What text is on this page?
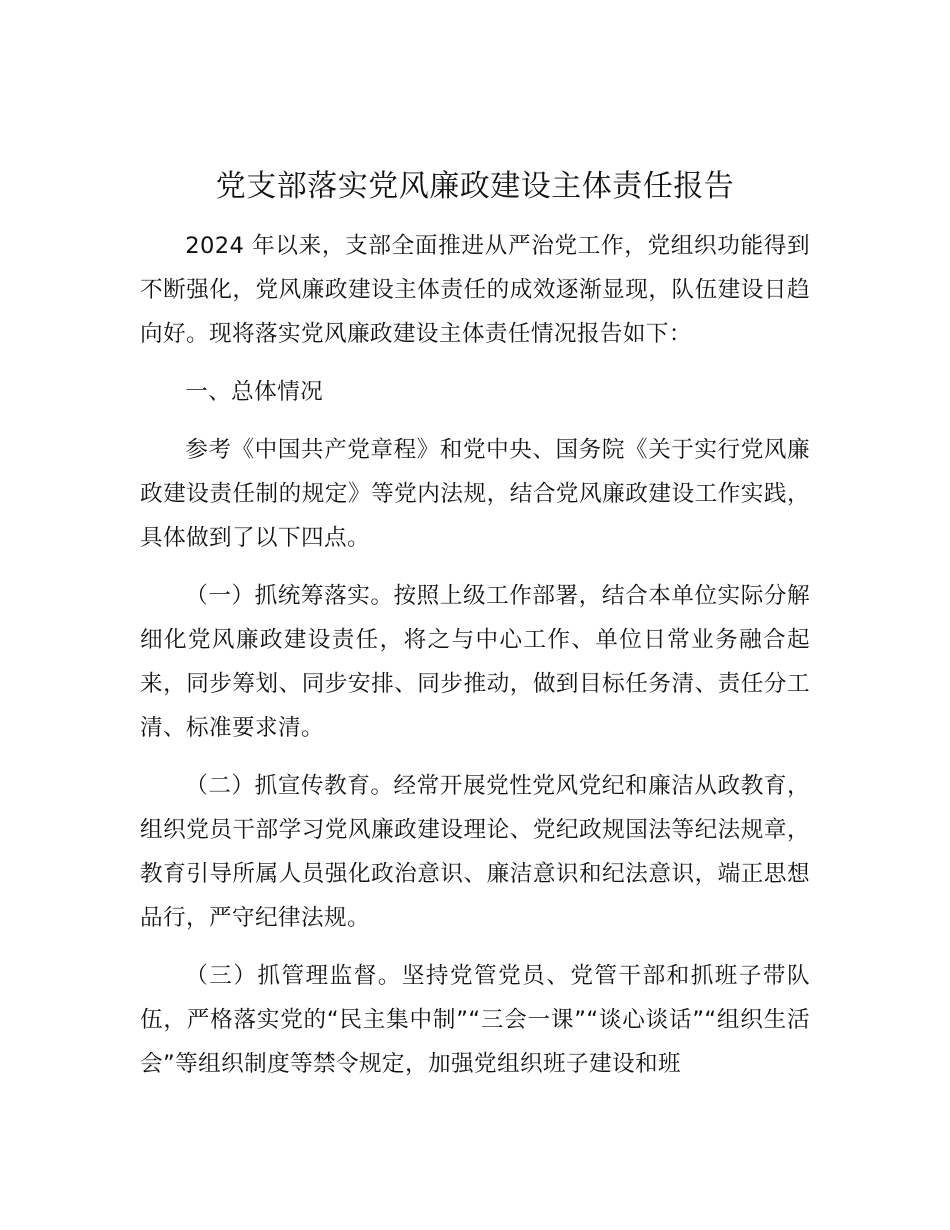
党支部落实党风廉政建设主体责任报告

2024 年以来，支部全面推进从严治党工作，党组织功能得到不断强化，党风廉政建设主体责任的成效逐渐显现，队伍建设日趋向好。现将落实党风廉政建设主体责任情况报告如下：

一、总体情况

参考《中国共产党章程》和党中央、国务院《关于实行党风廉政建设责任制的规定》等党内法规，结合党风廉政建设工作实践，具体做到了以下四点。

（一）抓统筹落实。按照上级工作部署，结合本单位实际分解细化党风廉政建设责任，将之与中心工作、单位日常业务融合起来，同步筹划、同步安排、同步推动，做到目标任务清、责任分工清、标准要求清。

（二）抓宣传教育。经常开展党性党风党纪和廉洁从政教育，组织党员干部学习党风廉政建设理论、党纪政规国法等纪法规章，教育引导所属人员强化政治意识、廉洁意识和纪法意识，端正思想品行，严守纪律法规。

（三）抓管理监督。坚持党管党员、党管干部和抓班子带队伍，严格落实党的“民主集中制”“三会一课”“谈心谈话”“组织生活会”等组织制度等禁令规定，加强党组织班子建设和班
